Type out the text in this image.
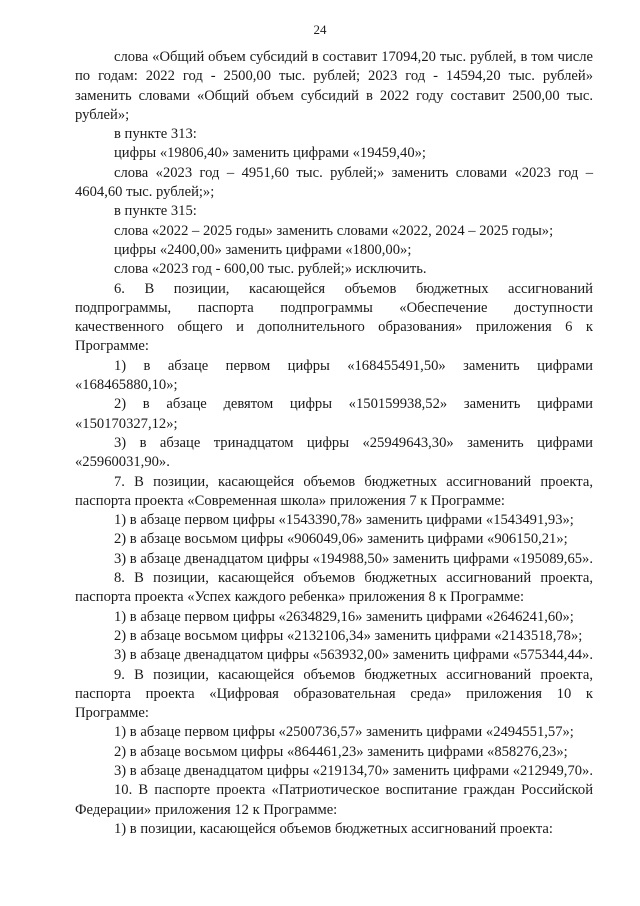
24

слова «Общий объем субсидий в составит 17094,20 тыс. рублей, в том числе по годам: 2022 год - 2500,00 тыс. рублей; 2023 год - 14594,20 тыс. рублей» заменить словами «Общий объем субсидий в 2022 году составит 2500,00 тыс. рублей»;

в пункте 313:

цифры «19806,40» заменить цифрами «19459,40»;

слова «2023 год – 4951,60 тыс. рублей;» заменить словами «2023 год – 4604,60 тыс. рублей;»;

в пункте 315:

слова «2022 – 2025 годы» заменить словами «2022, 2024 – 2025 годы»;

цифры «2400,00» заменить цифрами «1800,00»;

слова «2023 год - 600,00 тыс. рублей;» исключить.

6. В позиции, касающейся объемов бюджетных ассигнований подпрограммы, паспорта подпрограммы «Обеспечение доступности качественного общего и дополнительного образования» приложения 6 к Программе:

1) в абзаце первом цифры «168455491,50» заменить цифрами «168465880,10»;

2) в абзаце девятом цифры «150159938,52» заменить цифрами «150170327,12»;

3) в абзаце тринадцатом цифры «25949643,30» заменить цифрами «25960031,90».

7. В позиции, касающейся объемов бюджетных ассигнований проекта, паспорта проекта «Современная школа» приложения 7 к Программе:

1) в абзаце первом цифры «1543390,78» заменить цифрами «1543491,93»;

2) в абзаце восьмом цифры «906049,06» заменить цифрами «906150,21»;

3) в абзаце двенадцатом цифры «194988,50» заменить цифрами «195089,65».

8. В позиции, касающейся объемов бюджетных ассигнований проекта, паспорта проекта «Успех каждого ребенка» приложения 8 к Программе:

1) в абзаце первом цифры «2634829,16» заменить цифрами «2646241,60»;

2) в абзаце восьмом цифры «2132106,34» заменить цифрами «2143518,78»;

3) в абзаце двенадцатом цифры «563932,00» заменить цифрами «575344,44».

9. В позиции, касающейся объемов бюджетных ассигнований проекта, паспорта проекта «Цифровая образовательная среда» приложения 10 к Программе:

1) в абзаце первом цифры «2500736,57» заменить цифрами «2494551,57»;

2) в абзаце восьмом цифры «864461,23» заменить цифрами «858276,23»;

3) в абзаце двенадцатом цифры «219134,70» заменить цифрами «212949,70».

10. В паспорте проекта «Патриотическое воспитание граждан Российской Федерации» приложения 12 к Программе:

1) в позиции, касающейся объемов бюджетных ассигнований проекта:
